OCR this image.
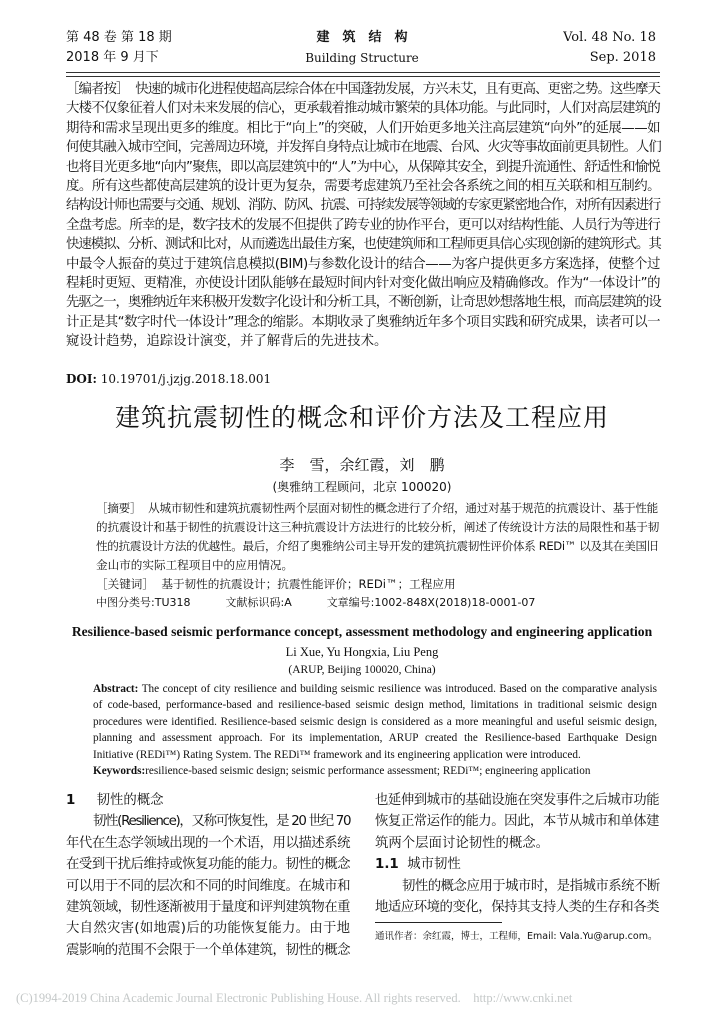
第 48 卷 第 18 期
2018 年 9 月下
建　筑　结　构
Building Structure
Vol. 48 No. 18
Sep. 2018
［编者按］ 快速的城市化进程使超高层综合体在中国蓬勃发展，方兴未艾，且有更高、更密之势。这些摩天
大楼不仅象征着人们对未来发展的信心，更承载着推动城市繁荣的具体功能。与此同时，人们对高层建筑的
期待和需求呈现出更多的维度。相比于“向上”的突破，人们开始更多地关注高层建筑“向外”的延展——如
何使其融入城市空间，完善周边环境，并发挥自身特点让城市在地震、台风、火灾等事故面前更具韧性。人们
也将目光更多地“向内”聚焦，即以高层建筑中的“人”为中心，从保障其安全，到提升流通性、舒适性和愉悦
度。所有这些都使高层建筑的设计更为复杂，需要考虑建筑乃至社会各系统之间的相互关联和相互制约。
结构设计师也需要与交通、规划、消防、防风、抗震、可持续发展等领域的专家更紧密地合作，对所有因素进行
全盘考虑。所幸的是，数字技术的发展不但提供了跨专业的协作平台，更可以对结构性能、人员行为等进行
快速模拟、分析、测试和比对，从而遴选出最佳方案，也使建筑师和工程师更具信心实现创新的建筑形式。其
中最令人振奋的莫过于建筑信息模拟(BIM)与参数化设计的结合——为客户提供更多方案选择，使整个过
程耗时更短、更精准，亦使设计团队能够在最短时间内针对变化做出响应及精确修改。作为“一体设计”的
先驱之一，奥雅纳近年来积极开发数字化设计和分析工具，不断创新，让奇思妙想落地生根，而高层建筑的设
计正是其“数字时代一体设计”理念的缩影。本期收录了奥雅纳近年多个项目实践和研究成果，读者可以一
窥设计趋势，追踪设计演变，并了解背后的先进技术。
DOI: 10.19701/j.jzjg.2018.18.001
建筑抗震韧性的概念和评价方法及工程应用
李　雪，余红霞，刘　鹏
(奥雅纳工程顾问，北京 100020)
［摘要］ 从城市韧性和建筑抗震韧性两个层面对韧性的概念进行了介绍，通过对基于规范的抗震设计、基于性能
的抗震设计和基于韧性的抗震设计这三种抗震设计方法进行的比较分析，阐述了传统设计方法的局限性和基于韧
性的抗震设计方法的优越性。最后，介绍了奥雅纳公司主导开发的建筑抗震韧性评价体系 REDi™ 以及其在美国旧
金山市的实际工程项目中的应用情况。
［关键词］ 基于韧性的抗震设计；抗震性能评价；REDi™；工程应用
中图分类号:TU318	文献标识码:A	文章编号:1002-848X(2018)18-0001-07
Resilience-based seismic performance concept, assessment methodology and engineering application
Li Xue, Yu Hongxia, Liu Peng
(ARUP, Beijing 100020, China)
Abstract: The concept of city resilience and building seismic resilience was introduced. Based on the comparative analysis
of code-based, performance-based and resilience-based seismic design method, limitations in traditional seismic design
procedures were identified. Resilience-based seismic design is considered as a more meaningful and useful seismic design,
planning and assessment approach. For its implementation, ARUP created the Resilience-based Earthquake Design
Initiative (REDi™) Rating System. The REDi™ framework and its engineering application were introduced.
Keywords:resilience-based seismic design; seismic performance assessment; REDi™; engineering application
1 韧性的概念
韧性(Resilience)，又称可恢复性，是 20 世纪 70
年代在生态学领域出现的一个术语，用以描述系统
在受到干扰后维持或恢复功能的能力。韧性的概念
可以用于不同的层次和不同的时间维度。在城市和
建筑领域，韧性逐渐被用于量度和评判建筑物在重
大自然灾害(如地震)后的功能恢复能力。由于地
震影响的范围不会限于一个单体建筑，韧性的概念
也延伸到城市的基础设施在突发事件之后城市功能
恢复正常运作的能力。因此，本节从城市和单体建
筑两个层面讨论韧性的概念。
1.1 城市韧性
韧性的概念应用于城市时，是指城市系统不断
地适应环境的变化，保持其支持人类的生存和各类
通讯作者：余红霞，博士，工程师，Email: Vala.Yu@arup.com。
(C)1994-2019 China Academic Journal Electronic Publishing House. All rights reserved.    http://www.cnki.net
